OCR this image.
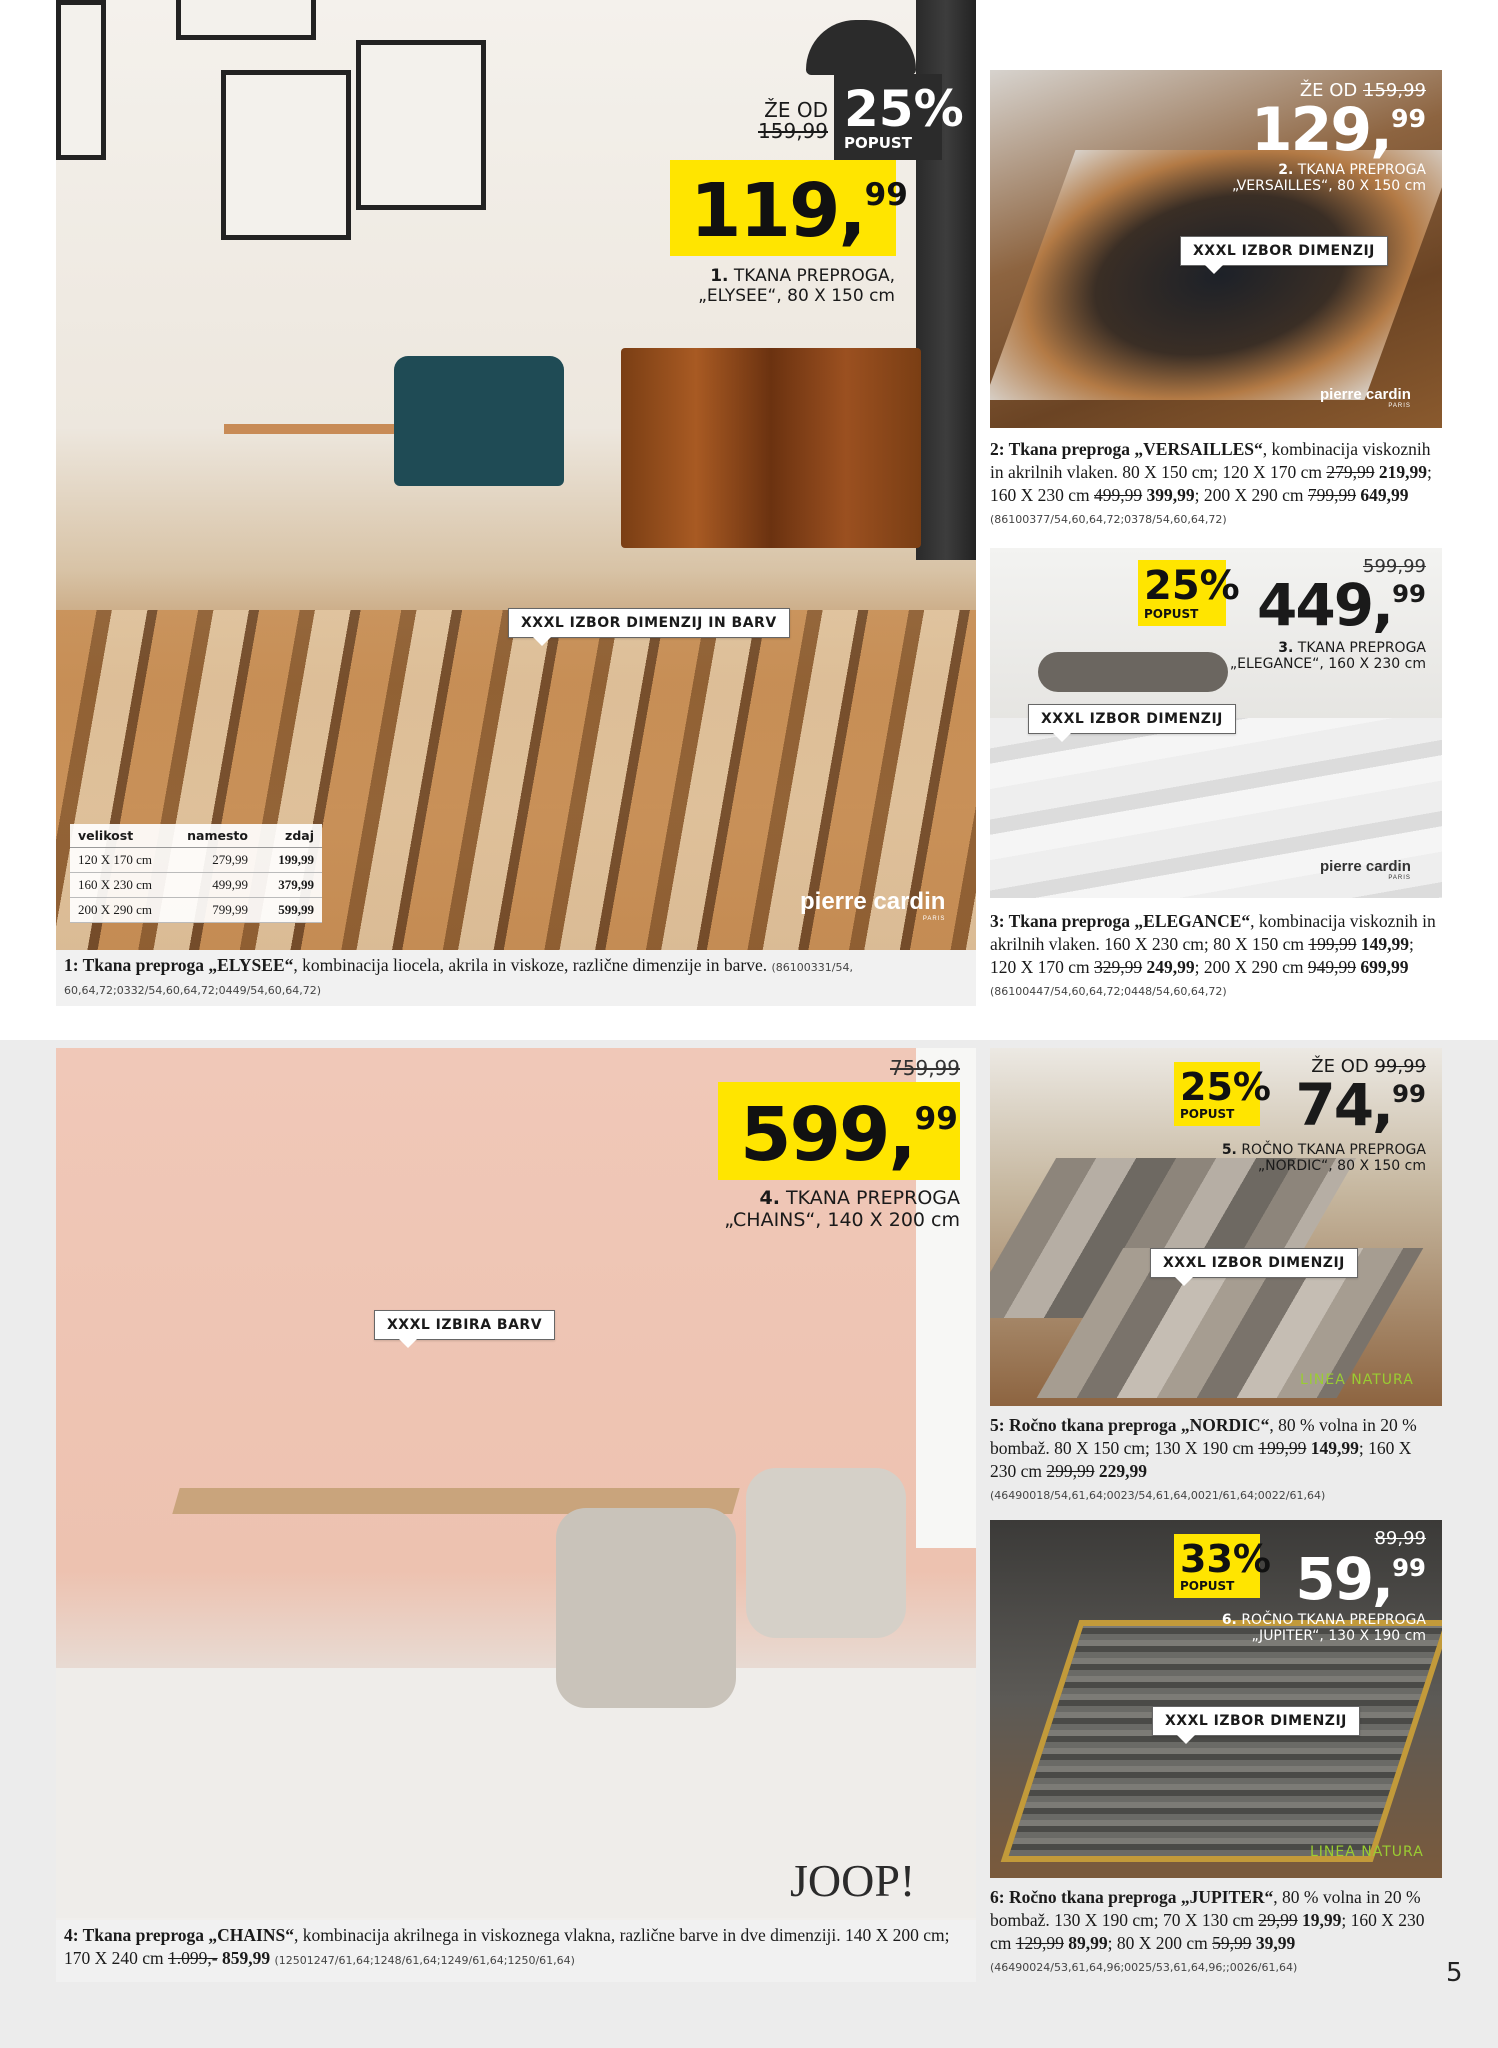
ŽE OD
159,99 25%
POPUST
119,99
1. TKANA PREPROGA, „ELYSEE“, 80 X 150 cm
XXXL IZBOR DIMENZIJ IN BARV
pierre cardin
PARIS
velikost	namesto	zdaj
120 X 170 cm	279,99	199,99
160 X 230 cm	499,99	379,99
200 X 290 cm	799,99	599,99
1: Tkana preproga „ELYSEE“, kombinacija liocela, akrila in viskoze, različne dimenzije in barve. (86100331/54, 60,64,72;0332/54,60,64,72;0449/54,60,64,72)
ŽE OD 159,99
129,99
2. TKANA PREPROGA „VERSAILLES“, 80 X 150 cm
XXXL IZBOR DIMENZIJ
pierre cardin
PARIS
2: Tkana preproga „VERSAILLES“, kombinacija viskoznih in akrilnih vlaken. 80 X 150 cm; 120 X 170 cm 279,99 219,99; 160 X 230 cm 499,99 399,99; 200 X 290 cm 799,99 649,99 (86100377/54,60,64,72;0378/54,60,64,72)
599,99
25%
POPUST 449,99
3. TKANA PREPROGA „ELEGANCE“, 160 X 230 cm
XXXL IZBOR DIMENZIJ
pierre cardin
PARIS
3: Tkana preproga „ELEGANCE“, kombinacija viskoznih in akrilnih vlaken. 160 X 230 cm; 80 X 150 cm 199,99 149,99; 120 X 170 cm 329,99 249,99; 200 X 290 cm 949,99 699,99 (86100447/54,60,64,72;0448/54,60,64,72)
759,99
599,99
4. TKANA PREPROGA „CHAINS“, 140 X 200 cm
XXXL IZBIRA BARV
JOOP!
4: Tkana preproga „CHAINS“, kombinacija akrilnega in viskoznega vlakna, različne barve in dve dimenziji. 140 X 200 cm; 170 X 240 cm 1.099,- 859,99 (12501247/61,64;1248/61,64;1249/61,64;1250/61,64)
ŽE OD 99,99
25%
POPUST	74,99
5. ROČNO TKANA PREPROGA „NORDIC“, 80 X 150 cm
XXXL IZBOR DIMENZIJ
LINEA NATURA
5: Ročno tkana preproga „NORDIC“, 80 % volna in 20 % bombaž. 80 X 150 cm; 130 X 190 cm 199,99 149,99; 160 X 230 cm 299,99 229,99 (46490018/54,61,64;0023/54,61,64,0021/61,64;0022/61,64)
89,99
33%
POPUST	59,99
6. ROČNO TKANA PREPROGA „JUPITER“, 130 X 190 cm
XXXL IZBOR DIMENZIJ
LINEA NATURA
6: Ročno tkana preproga „JUPITER“, 80 % volna in 20 % bombaž. 130 X 190 cm; 70 X 130 cm 29,99 19,99; 160 X 230 cm 129,99 89,99; 80 X 200 cm 59,99 39,99 (46490024/53,61,64,96;0025/53,61,64,96;;0026/61,64)	5
